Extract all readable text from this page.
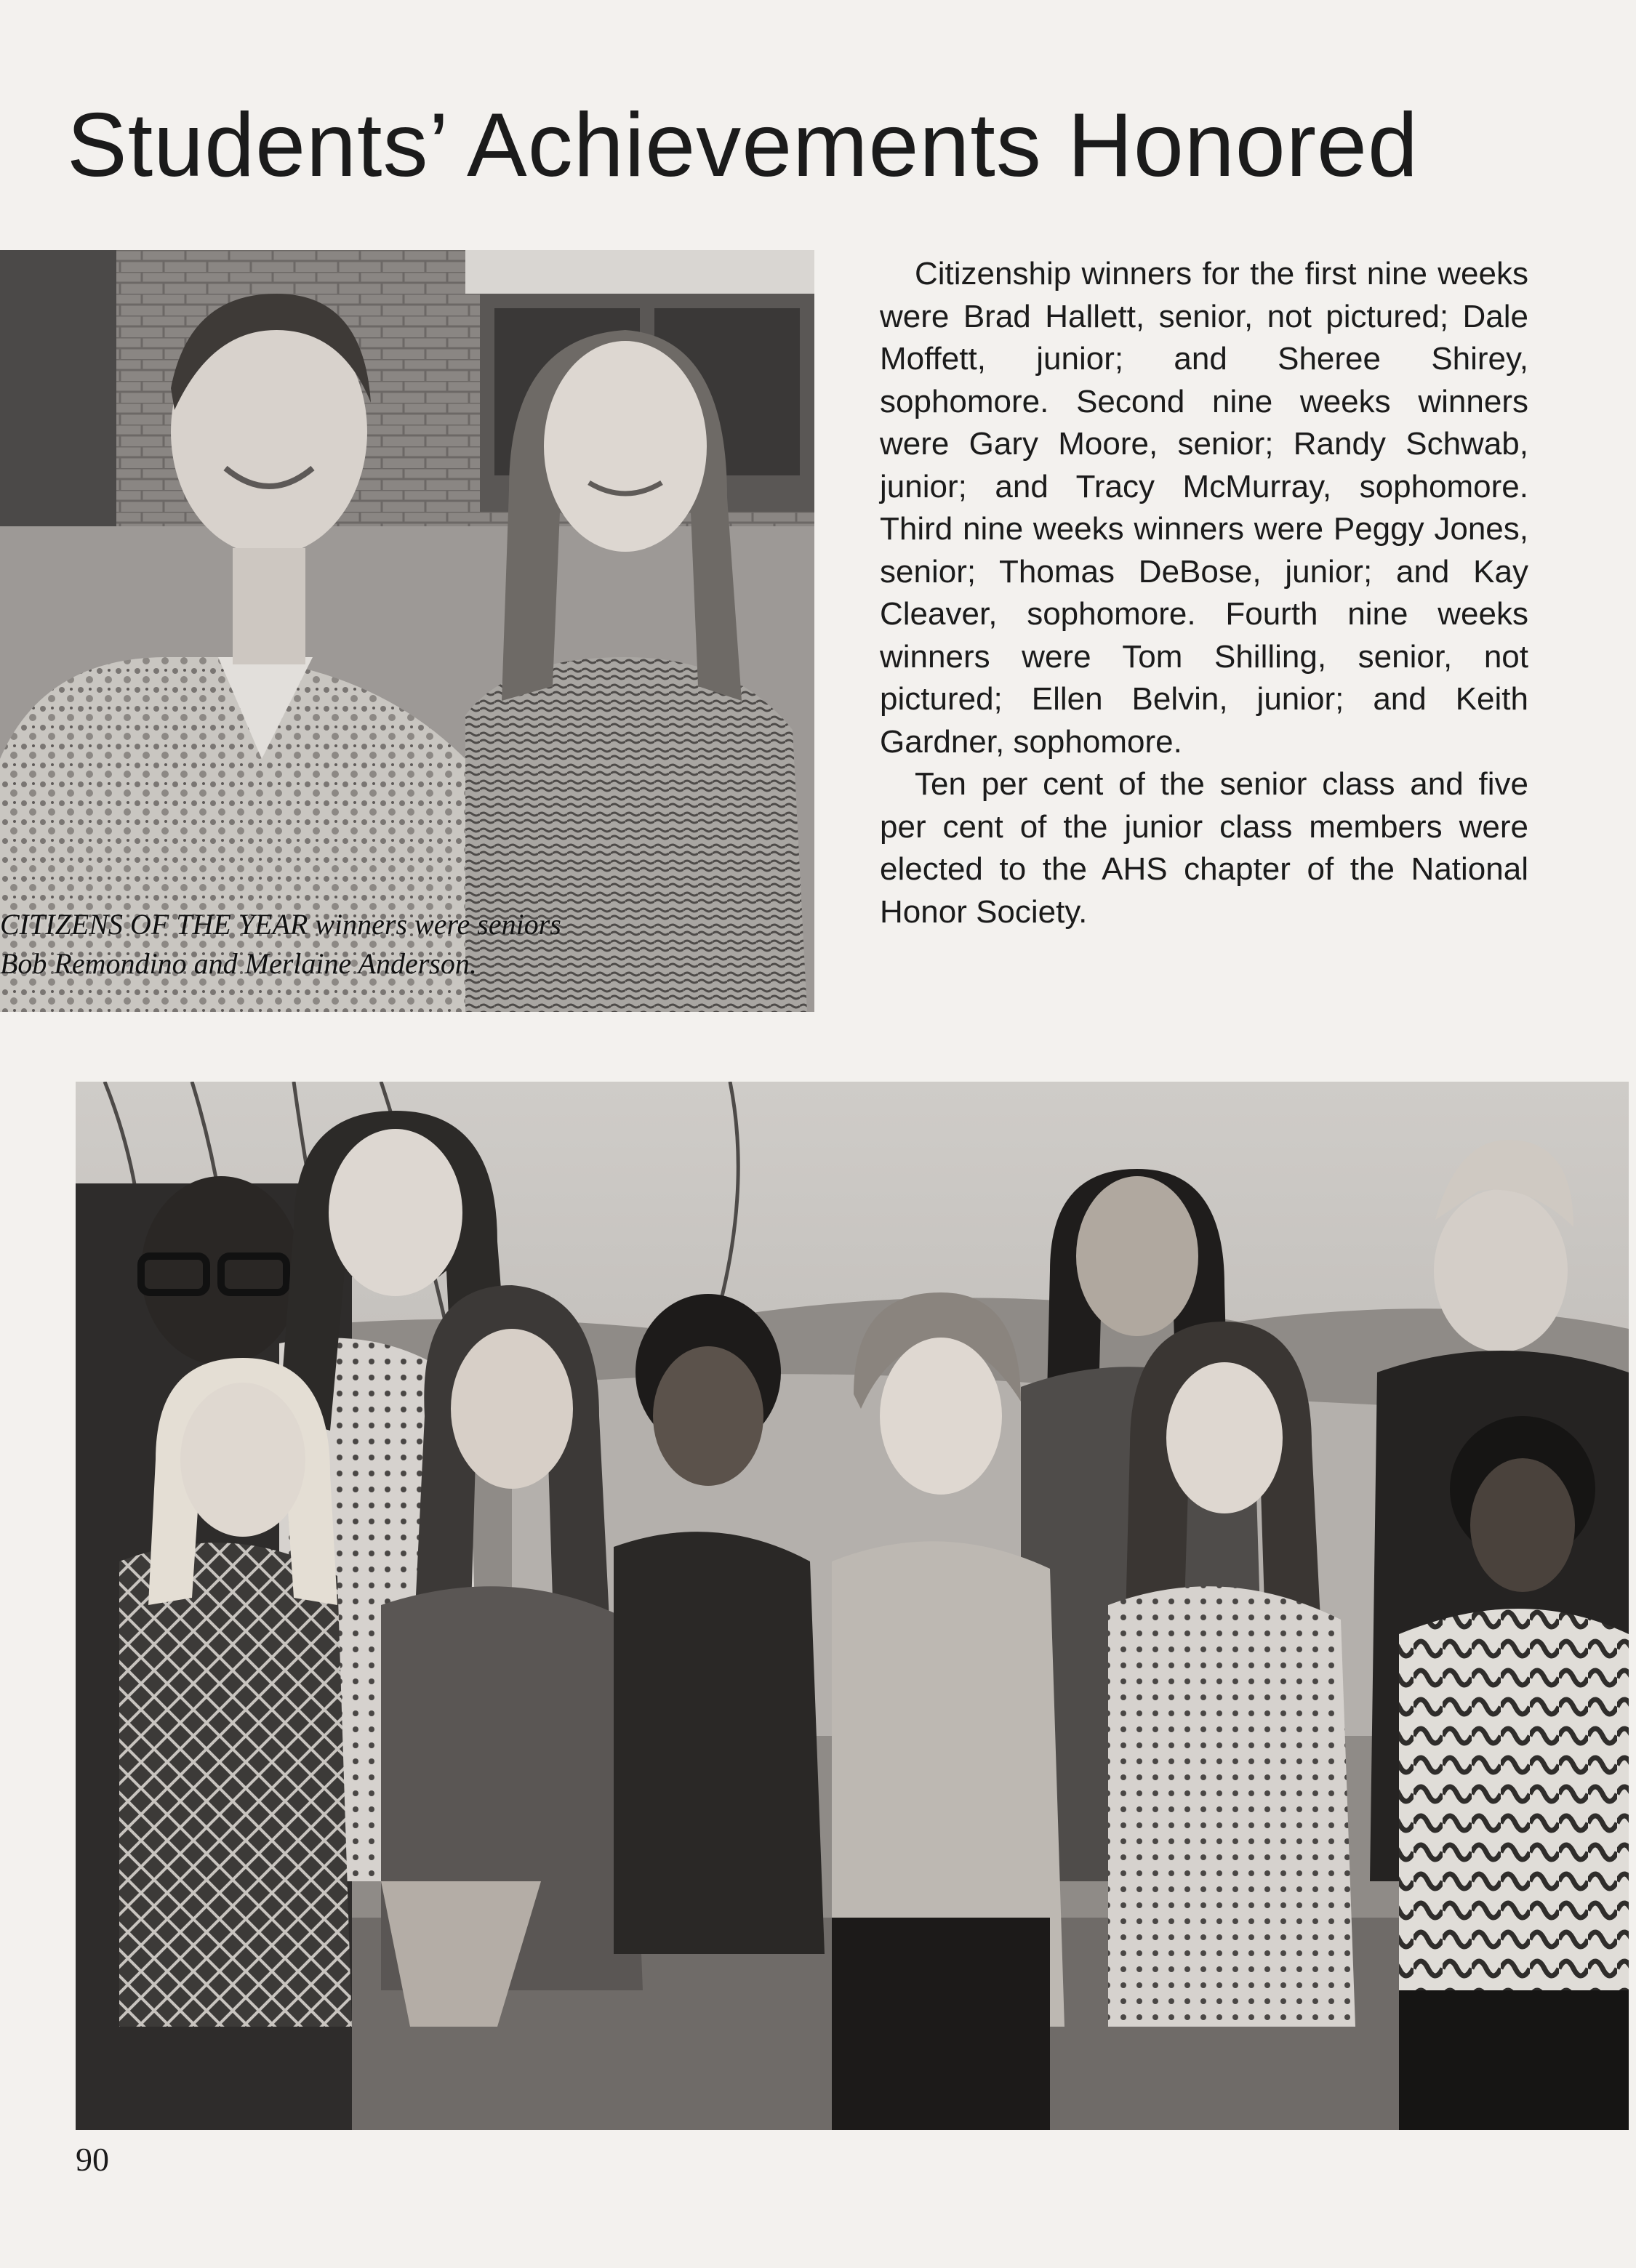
Students’ Achievements Honored
CITIZENS OF THE YEAR winners were seniors
Bob Remondino and Merlaine Anderson.

Citizenship winners for the first nine weeks were Brad Hallett, senior, not pictured; Dale Moffett, junior; and Sheree Shirey, sophomore. Second nine weeks winners were Gary Moore, senior; Randy Schwab, junior; and Tracy McMurray, sophomore. Third nine weeks winners were Peggy Jones, senior; Thomas DeBose, junior; and Kay Cleaver, sophomore. Fourth nine weeks winners were Tom Shilling, senior, not pictured; Ellen Belvin, junior; and Keith Gardner, sophomore.

Ten per cent of the senior class and five per cent of the junior class members were elected to the AHS chapter of the National Honor Society.

90
